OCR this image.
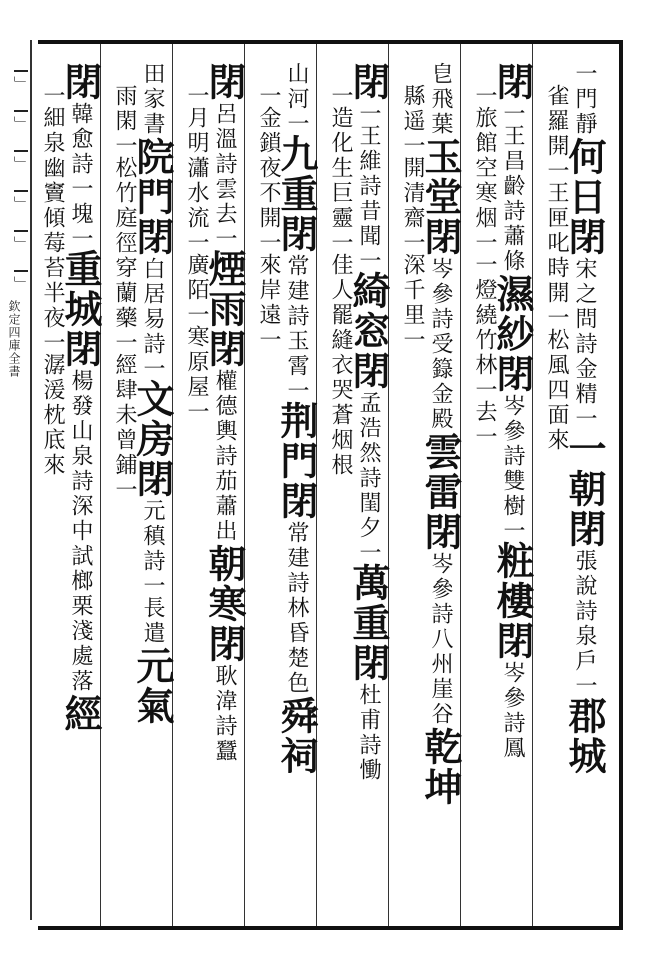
﹂
﹂
﹂
﹂
﹂
﹂
欽定四庫全書
一門靜何日閉宋之問詩金精一一朝閉張說詩泉戶一郡城
雀羅開一王匣叱時開一松風四面來
閉一王昌齡詩蕭條濕紗閉岑參詩雙樹一粧樓閉岑參詩鳳
一旅館空寒烟一一燈繞竹林一去一
皀飛葉玉堂閉岑參詩受籙金殿雲雷閉岑參詩八州崖谷乾坤
縣遥一開清齋一深千里一
閉一王維詩昔聞一綺窓閉孟浩然詩閨夕一萬重閉杜甫詩慟
一造化生巨靈一佳人罷縫衣哭蒼烟根
山河一九重閉常建詩玉霄一荆門閉常建詩林昏楚色舜祠
一金鎖夜不開一來岸遠一
閉呂溫詩雲去一煙雨閉權德輿詩茄蕭出朝寒閉耿湋詩蠶
一月明瀟水流一廣陌一寒原屋一
田家書院門閉白居易詩一文房閉元稹詩一長遣元氣
雨閑一松竹庭徑穿蘭藥一經肆未曾鋪一
閉韓愈詩一塊一重城閉楊發山泉詩深中試榔栗淺處落經
一細泉幽竇傾莓苔半夜一潺湲枕底來
